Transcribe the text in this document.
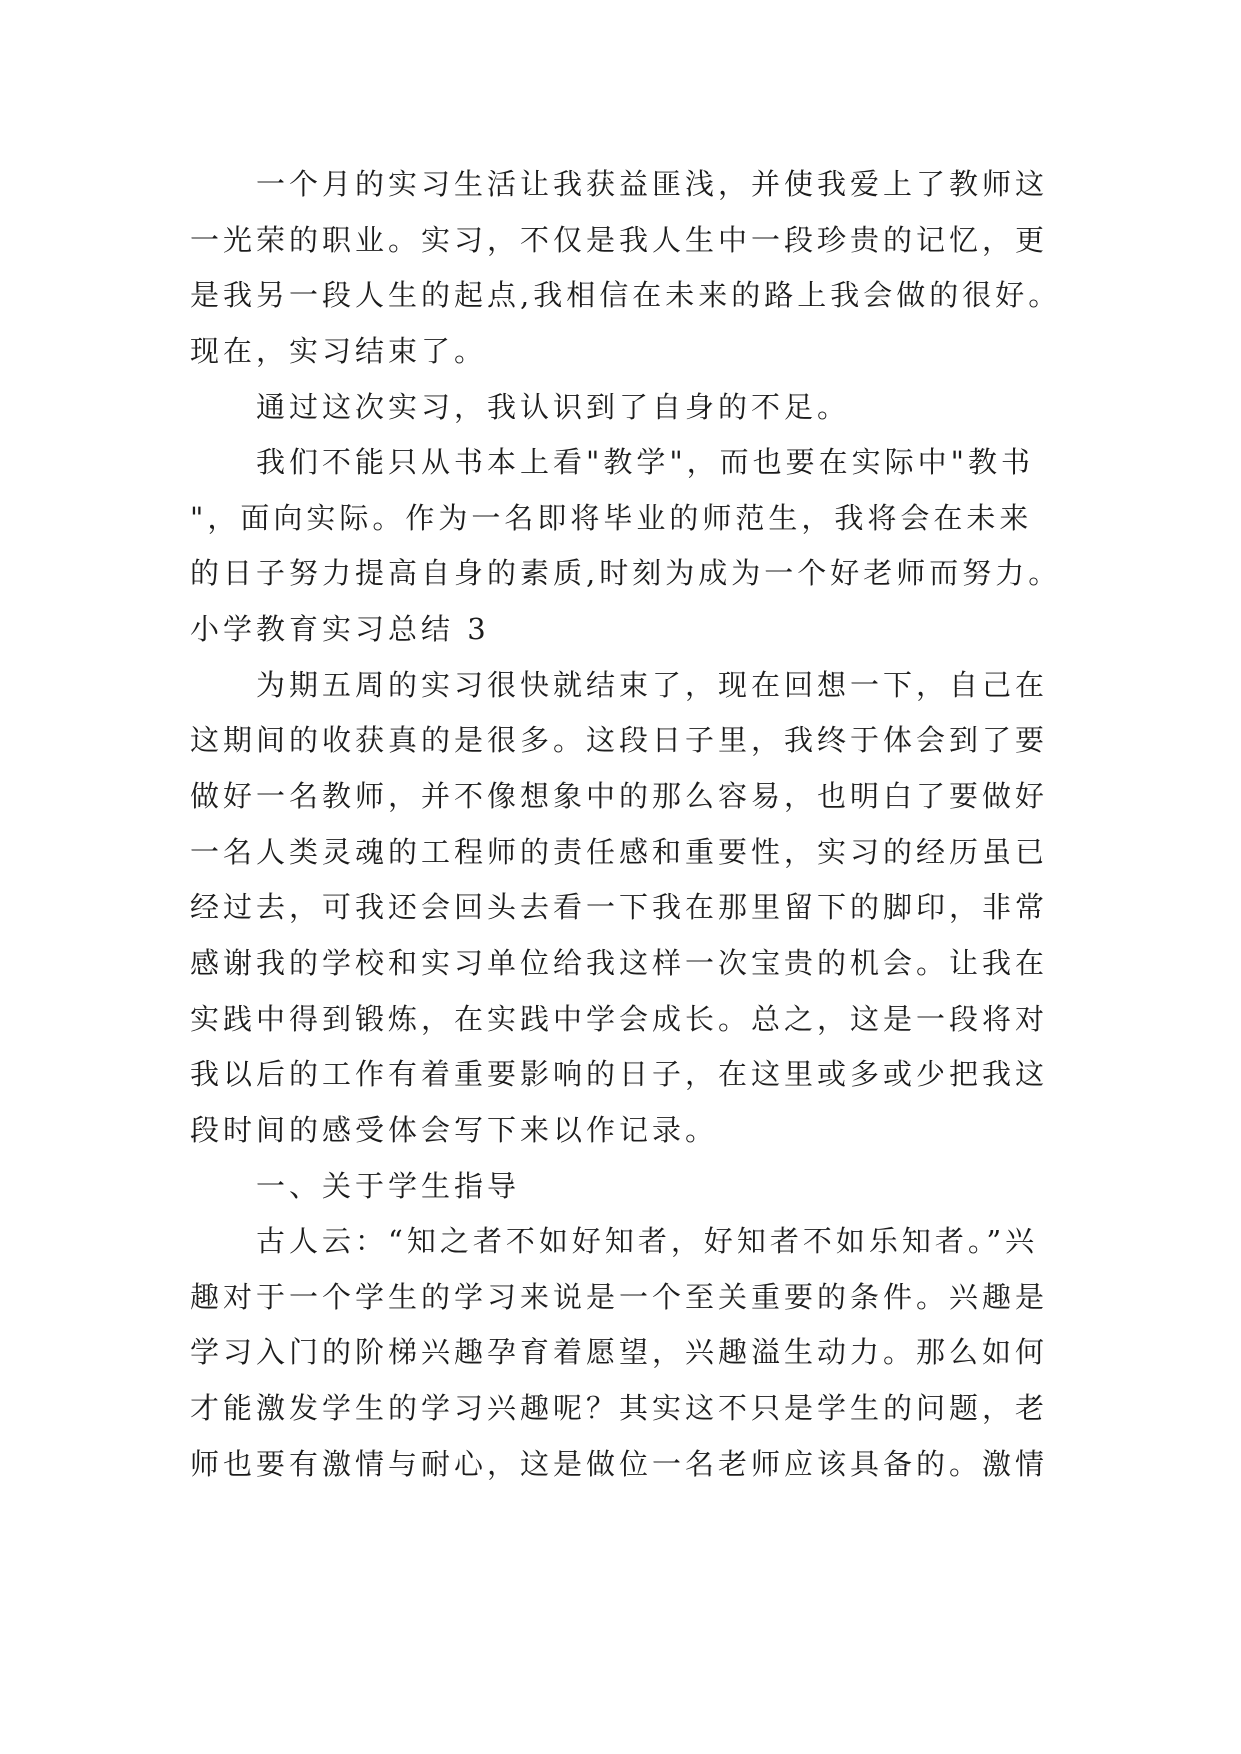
一个月的实习生活让我获益匪浅，并使我爱上了教师这
一光荣的职业。实习，不仅是我人生中一段珍贵的记忆，更
是我另一段人生的起点,我相信在未来的路上我会做的很好。
现在，实习结束了。
通过这次实习，我认识到了自身的不足。
我们不能只从书本上看"教学"，而也要在实际中"教书
"，面向实际。作为一名即将毕业的师范生，我将会在未来
的日子努力提高自身的素质,时刻为成为一个好老师而努力。
小学教育实习总结 3
为期五周的实习很快就结束了，现在回想一下，自己在
这期间的收获真的是很多。这段日子里，我终于体会到了要
做好一名教师，并不像想象中的那么容易，也明白了要做好
一名人类灵魂的工程师的责任感和重要性，实习的经历虽已
经过去，可我还会回头去看一下我在那里留下的脚印，非常
感谢我的学校和实习单位给我这样一次宝贵的机会。让我在
实践中得到锻炼，在实践中学会成长。总之，这是一段将对
我以后的工作有着重要影响的日子，在这里或多或少把我这
段时间的感受体会写下来以作记录。
一、关于学生指导
古人云：“知之者不如好知者，好知者不如乐知者。”兴
趣对于一个学生的学习来说是一个至关重要的条件。兴趣是
学习入门的阶梯兴趣孕育着愿望，兴趣溢生动力。那么如何
才能激发学生的学习兴趣呢？其实这不只是学生的问题，老
师也要有激情与耐心，这是做位一名老师应该具备的。激情
